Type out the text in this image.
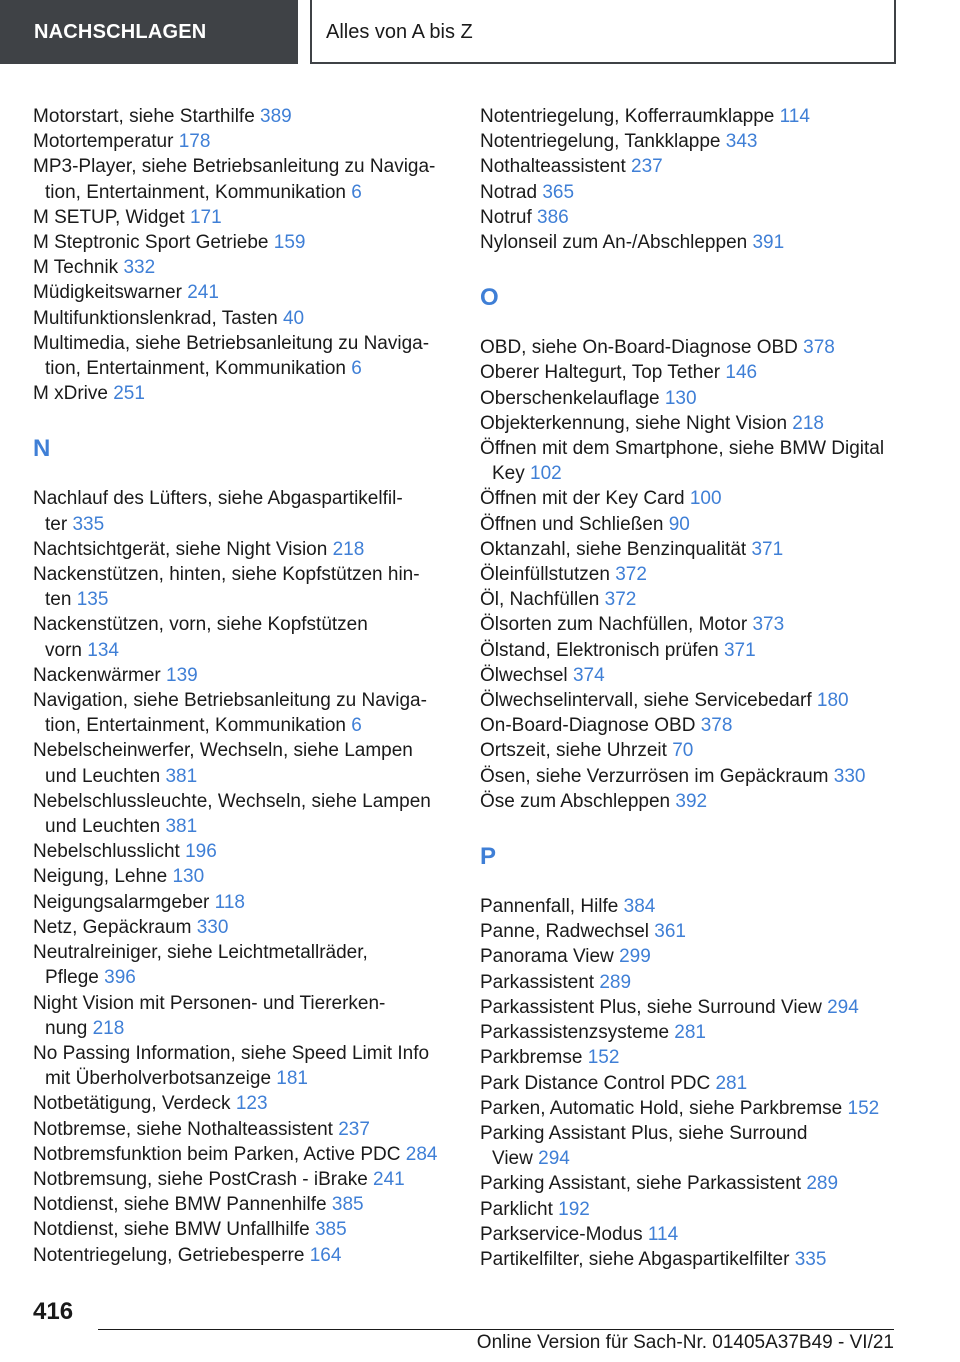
NACHSCHLAGEN	Alles von A bis Z
Motorstart, siehe Starthilfe 389
Motortemperatur 178
MP3-Player, siehe Betriebsanleitung zu Naviga-
tion, Entertainment, Kommunikation 6
M SETUP, Widget 171
M Steptronic Sport Getriebe 159
M Technik 332
Müdigkeitswarner 241
Multifunktionslenkrad, Tasten 40
Multimedia, siehe Betriebsanleitung zu Naviga-
tion, Entertainment, Kommunikation 6
M xDrive 251
N
Nachlauf des Lüfters, siehe Abgaspartikelfil-
ter 335
Nachtsichtgerät, siehe Night Vision 218
Nackenstützen, hinten, siehe Kopfstützen hin-
ten 135
Nackenstützen, vorn, siehe Kopfstützen
vorn 134
Nackenwärmer 139
Navigation, siehe Betriebsanleitung zu Naviga-
tion, Entertainment, Kommunikation 6
Nebelscheinwerfer, Wechseln, siehe Lampen
und Leuchten 381
Nebelschlussleuchte, Wechseln, siehe Lampen
und Leuchten 381
Nebelschlusslicht 196
Neigung, Lehne 130
Neigungsalarmgeber 118
Netz, Gepäckraum 330
Neutralreiniger, siehe Leichtmetallräder,
Pflege 396
Night Vision mit Personen- und Tiererken-
nung 218
No Passing Information, siehe Speed Limit Info
mit Überholverbotsanzeige 181
Notbetätigung, Verdeck 123
Notbremse, siehe Nothalteassistent 237
Notbremsfunktion beim Parken, Active PDC 284
Notbremsung, siehe PostCrash - iBrake 241
Notdienst, siehe BMW Pannenhilfe 385
Notdienst, siehe BMW Unfallhilfe 385
Notentriegelung, Getriebesperre 164
Notentriegelung, Kofferraumklappe 114
Notentriegelung, Tankklappe 343
Nothalteassistent 237
Notrad 365
Notruf 386
Nylonseil zum An-/Abschleppen 391
O
OBD, siehe On-Board-Diagnose OBD 378
Oberer Haltegurt, Top Tether 146
Oberschenkelauflage 130
Objekterkennung, siehe Night Vision 218
Öffnen mit dem Smartphone, siehe BMW Digital
Key 102
Öffnen mit der Key Card 100
Öffnen und Schließen 90
Oktanzahl, siehe Benzinqualität 371
Öleinfüllstutzen 372
Öl, Nachfüllen 372
Ölsorten zum Nachfüllen, Motor 373
Ölstand, Elektronisch prüfen 371
Ölwechsel 374
Ölwechselintervall, siehe Servicebedarf 180
On-Board-Diagnose OBD 378
Ortszeit, siehe Uhrzeit 70
Ösen, siehe Verzurrösen im Gepäckraum 330
Öse zum Abschleppen 392
P
Pannenfall, Hilfe 384
Panne, Radwechsel 361
Panorama View 299
Parkassistent 289
Parkassistent Plus, siehe Surround View 294
Parkassistenzsysteme 281
Parkbremse 152
Park Distance Control PDC 281
Parken, Automatic Hold, siehe Parkbremse 152
Parking Assistant Plus, siehe Surround
View 294
Parking Assistant, siehe Parkassistent 289
Parklicht 192
Parkservice-Modus 114
Partikelfilter, siehe Abgaspartikelfilter 335
416
Online Version für Sach-Nr. 01405A37B49 - VI/21
